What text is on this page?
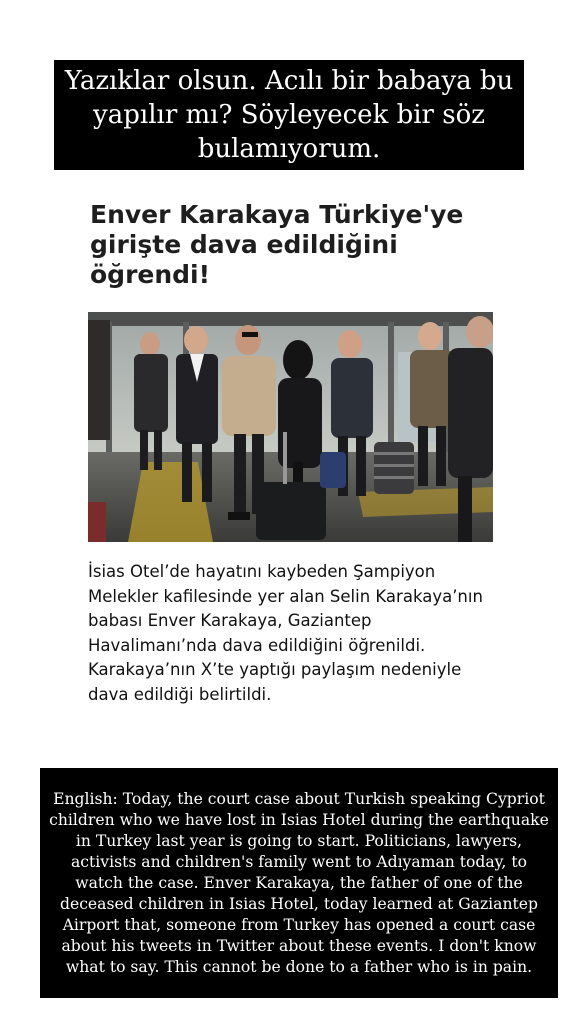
Yazıklar olsun. Acılı bir babaya bu yapılır mı? Söyleyecek bir söz bulamıyorum.
Enver Karakaya Türkiye'ye girişte dava edildiğini öğrendi!

İsias Otel’de hayatını kaybeden Şampiyon Melekler kafilesinde yer alan Selin Karakaya’nın babası Enver Karakaya, Gaziantep Havalimanı’nda dava edildiğini öğrenildi. Karakaya’nın X’te yaptığı paylaşım nedeniyle dava edildiği belirtildi.

English: Today, the court case about Turkish speaking Cypriot children who we have lost in Isias Hotel during the earthquake in Turkey last year is going to start. Politicians, lawyers, activists and children's family went to Adıyaman today, to watch the case. Enver Karakaya, the father of one of the deceased children in Isias Hotel, today learned at Gaziantep Airport that, someone from Turkey has opened a court case about his tweets in Twitter about these events. I don't know what to say. This cannot be done to a father who is in pain.
